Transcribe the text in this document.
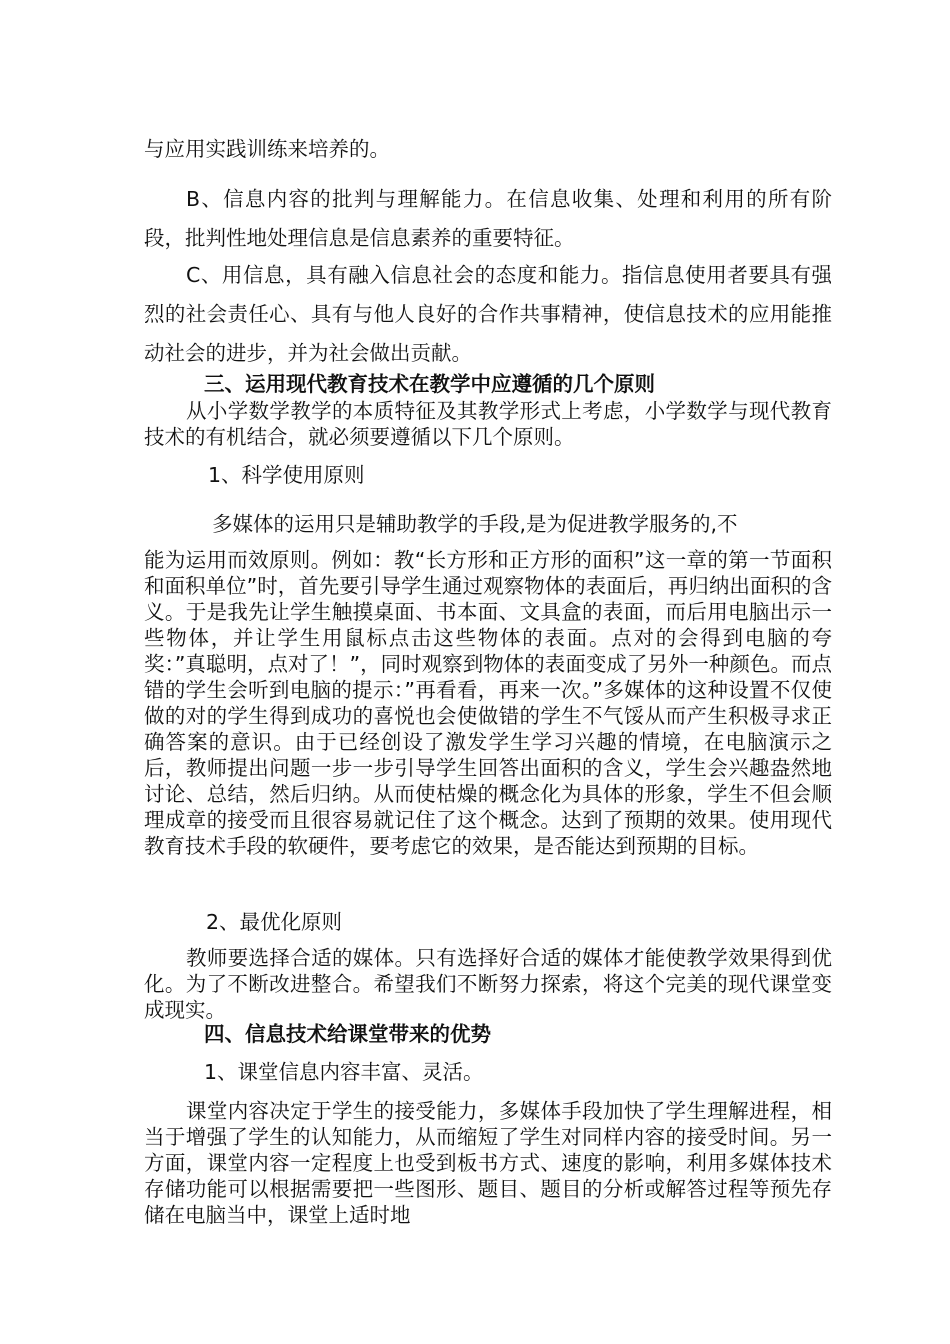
与应用实践训练来培养的。

B、信息内容的批判与理解能力。在信息收集、处理和利用的所有阶段，批判性地处理信息是信息素养的重要特征。

C、用信息，具有融入信息社会的态度和能力。指信息使用者要具有强烈的社会责任心、具有与他人良好的合作共事精神，使信息技术的应用能推动社会的进步，并为社会做出贡献。

三、运用现代教育技术在教学中应遵循的几个原则

从小学数学教学的本质特征及其教学形式上考虑，小学数学与现代教育技术的有机结合，就必须要遵循以下几个原则。

1、科学使用原则

多媒体的运用只是辅助教学的手段,是为促进教学服务的,不

能为运用而效原则。例如：教“长方形和正方形的面积”这一章的第一节面积和面积单位”时，首先要引导学生通过观察物体的表面后，再归纳出面积的含义。于是我先让学生触摸桌面、书本面、文具盒的表面，而后用电脑出示一些物体，并让学生用鼠标点击这些物体的表面。点对的会得到电脑的夸奖：”真聪明，点对了！”，同时观察到物体的表面变成了另外一种颜色。而点错的学生会听到电脑的提示：”再看看，再来一次。”多媒体的这种设置不仅使做的对的学生得到成功的喜悦也会使做错的学生不气馁从而产生积极寻求正确答案的意识。由于已经创设了激发学生学习兴趣的情境，在电脑演示之后，教师提出问题一步一步引导学生回答出面积的含义，学生会兴趣盎然地讨论、总结，然后归纳。从而使枯燥的概念化为具体的形象，学生不但会顺理成章的接受而且很容易就记住了这个概念。达到了预期的效果。使用现代教育技术手段的软硬件，要考虑它的效果，是否能达到预期的目标。

2、最优化原则

教师要选择合适的媒体。只有选择好合适的媒体才能使教学效果得到优化。为了不断改进整合。希望我们不断努力探索，将这个完美的现代课堂变成现实。

四、信息技术给课堂带来的优势

1、课堂信息内容丰富、灵活。

课堂内容决定于学生的接受能力，多媒体手段加快了学生理解进程，相当于增强了学生的认知能力，从而缩短了学生对同样内容的接受时间。另一方面，课堂内容一定程度上也受到板书方式、速度的影响，利用多媒体技术存储功能可以根据需要把一些图形、题目、题目的分析或解答过程等预先存储在电脑当中，课堂上适时地
